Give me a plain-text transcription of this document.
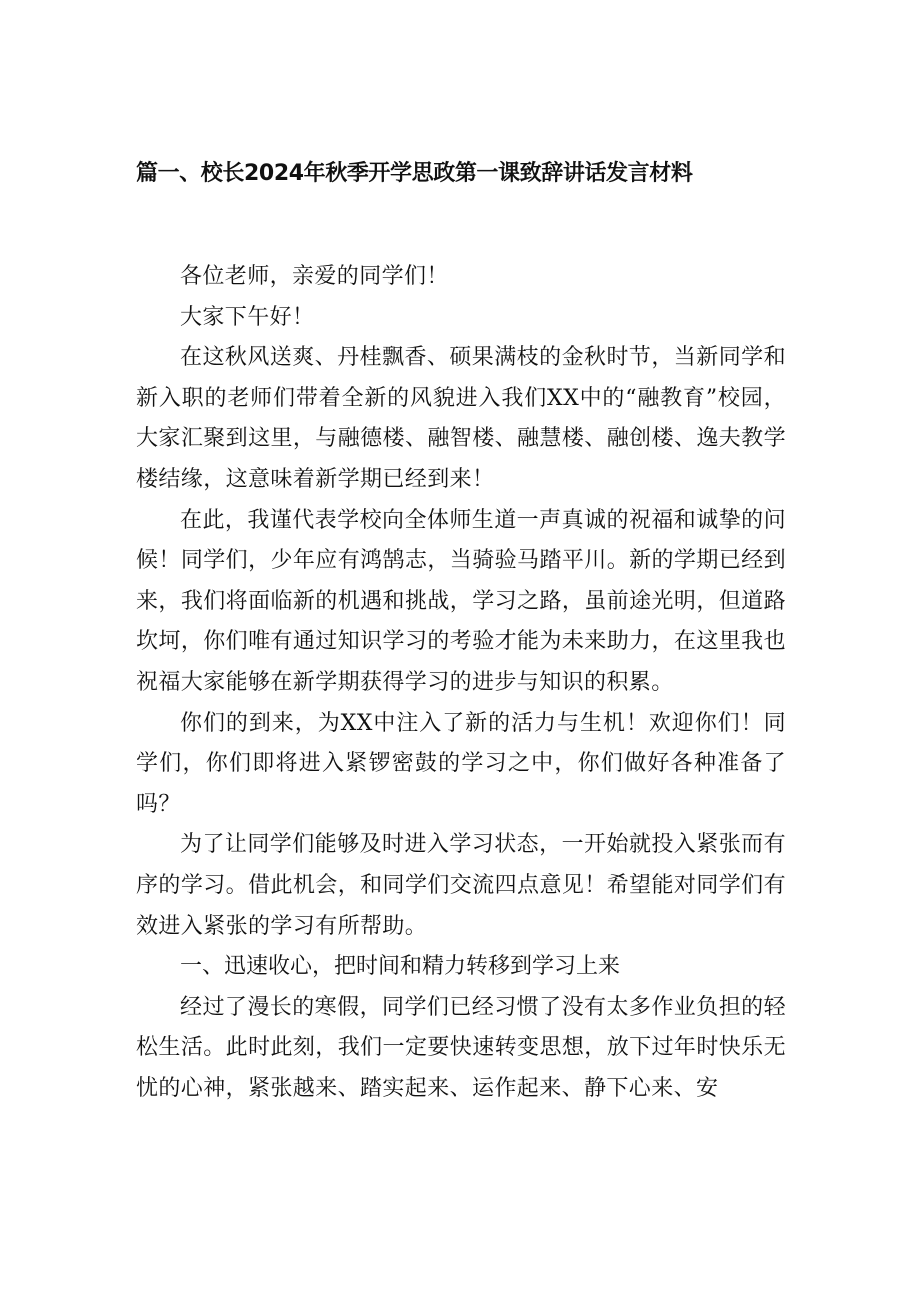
篇一、校长2024年秋季开学思政第一课致辞讲话发言材料

各位老师，亲爱的同学们！

大家下午好！

在这秋风送爽、丹桂飘香、硕果满枝的金秋时节，当新同学和新入职的老师们带着全新的风貌进入我们XX中的“融教育”校园，大家汇聚到这里，与融德楼、融智楼、融慧楼、融创楼、逸夫教学楼结缘，这意味着新学期已经到来！

在此，我谨代表学校向全体师生道一声真诚的祝福和诚挚的问候！同学们，少年应有鸿鹄志，当骑验马踏平川。新的学期已经到来，我们将面临新的机遇和挑战，学习之路，虽前途光明，但道路坎坷，你们唯有通过知识学习的考验才能为未来助力，在这里我也祝福大家能够在新学期获得学习的进步与知识的积累。

你们的到来，为XX中注入了新的活力与生机！欢迎你们！同学们，你们即将进入紧锣密鼓的学习之中，你们做好各种准备了吗？

为了让同学们能够及时进入学习状态，一开始就投入紧张而有序的学习。借此机会，和同学们交流四点意见！希望能对同学们有效进入紧张的学习有所帮助。

一、迅速收心，把时间和精力转移到学习上来

经过了漫长的寒假，同学们已经习惯了没有太多作业负担的轻松生活。此时此刻，我们一定要快速转变思想，放下过年时快乐无忧的心神，紧张越来、踏实起来、运作起来、静下心来、安
